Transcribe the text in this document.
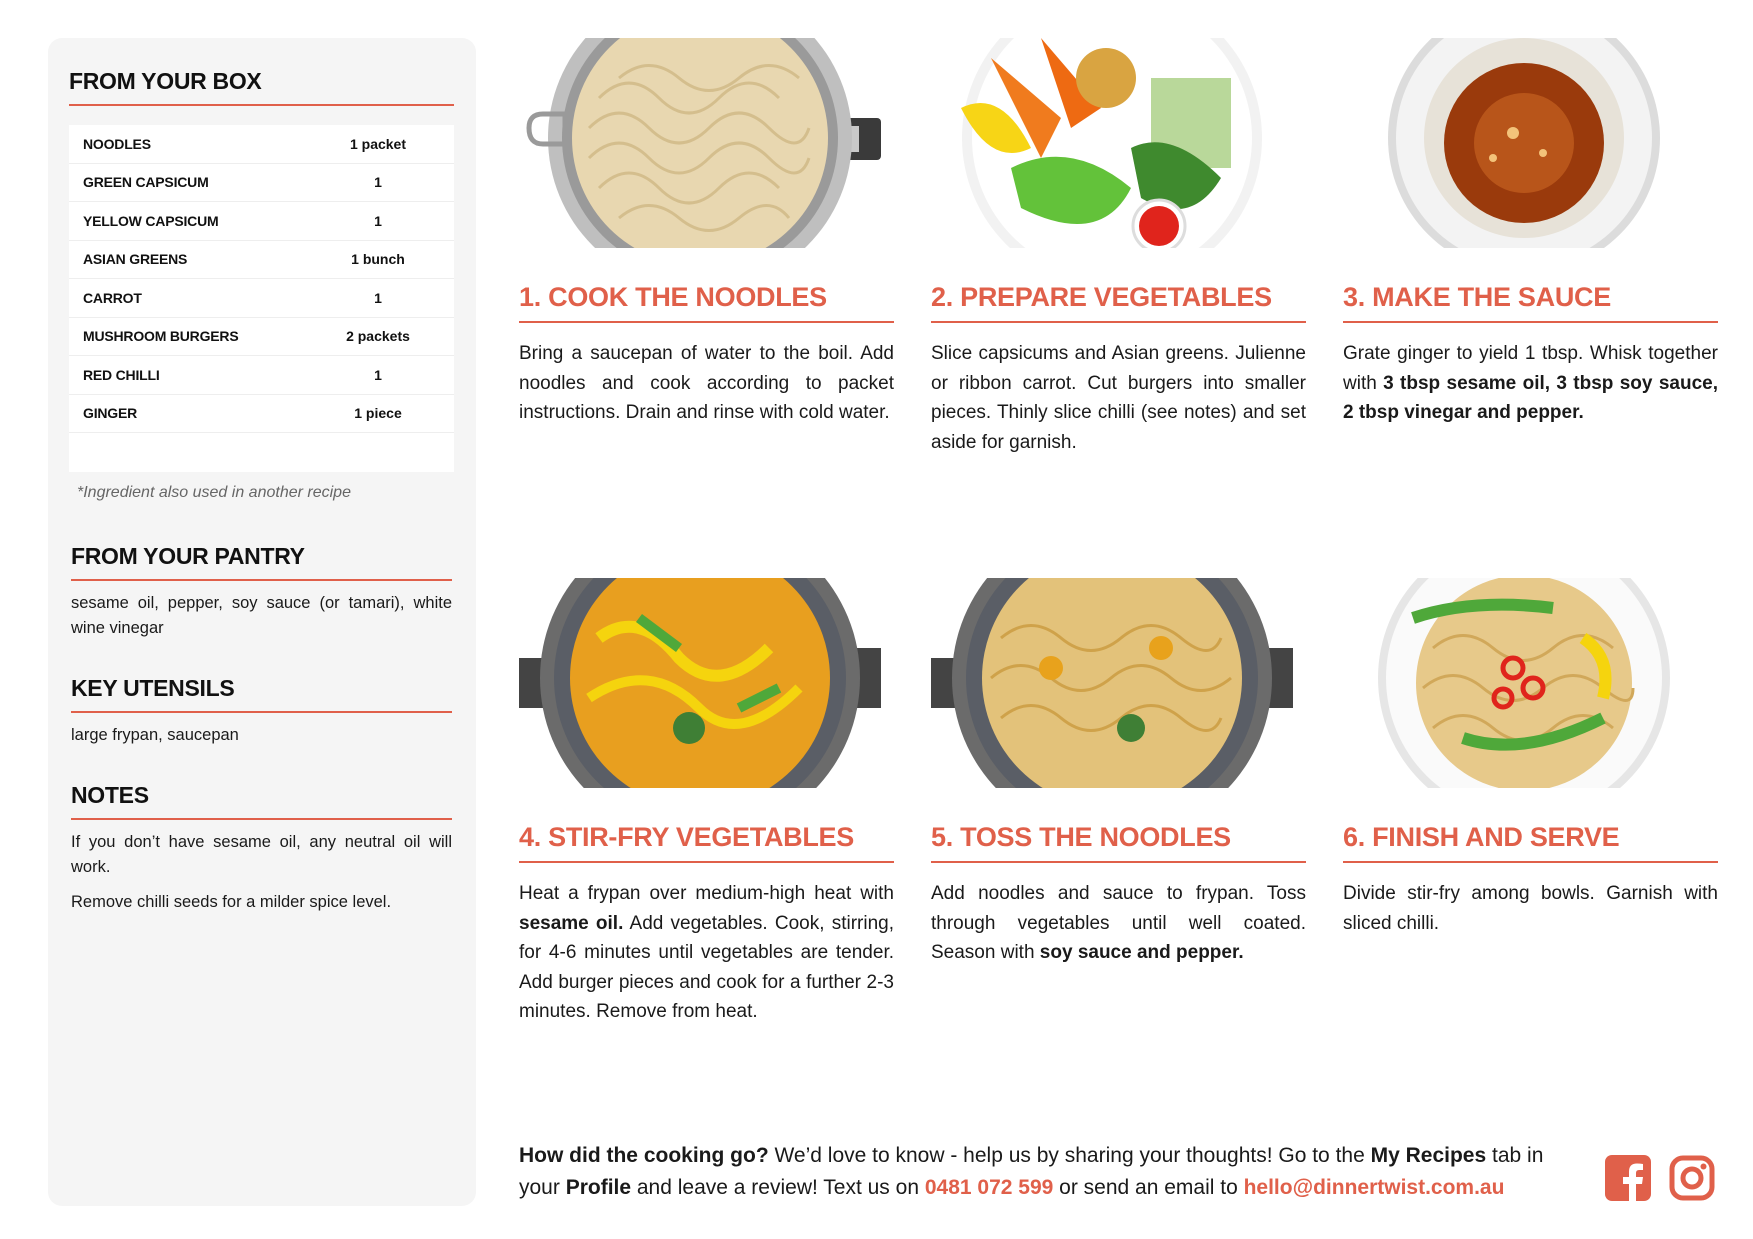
FROM YOUR BOX
NOODLES	1 packet
GREEN CAPSICUM	1
YELLOW CAPSICUM	1
ASIAN GREENS	1 bunch
CARROT	1
MUSHROOM BURGERS	2 packets
RED CHILLI	1
GINGER	1 piece
*Ingredient also used in another recipe
FROM YOUR PANTRY
sesame oil, pepper, soy sauce (or tamari), white wine vinegar
KEY UTENSILS
large frypan, saucepan
NOTES
If you don’t have sesame oil, any neutral oil will work.
Remove chilli seeds for a milder spice level.
1. COOK THE NOODLES
Bring a saucepan of water to the boil. Add noodles and cook according to packet instructions. Drain and rinse with cold water.
2. PREPARE VEGETABLES
Slice capsicums and Asian greens. Julienne or ribbon carrot. Cut burgers into smaller pieces. Thinly slice chilli (see notes) and set aside for garnish.
3. MAKE THE SAUCE
Grate ginger to yield 1 tbsp. Whisk together with 3 tbsp sesame oil, 3 tbsp soy sauce, 2 tbsp vinegar and pepper.
4. STIR-FRY VEGETABLES
Heat a frypan over medium-high heat with sesame oil. Add vegetables. Cook, stirring, for 4-6 minutes until vegetables are tender. Add burger pieces and cook for a further 2-3 minutes. Remove from heat.
5. TOSS THE NOODLES
Add noodles and sauce to frypan. Toss through vegetables until well coated. Season with soy sauce and pepper.
6. FINISH AND SERVE
Divide stir-fry among bowls. Garnish with sliced chilli.
How did the cooking go? We’d love to know - help us by sharing your thoughts! Go to the My Recipes tab in your Profile and leave a review! Text us on 0481 072 599 or send an email to hello@dinnertwist.com.au
